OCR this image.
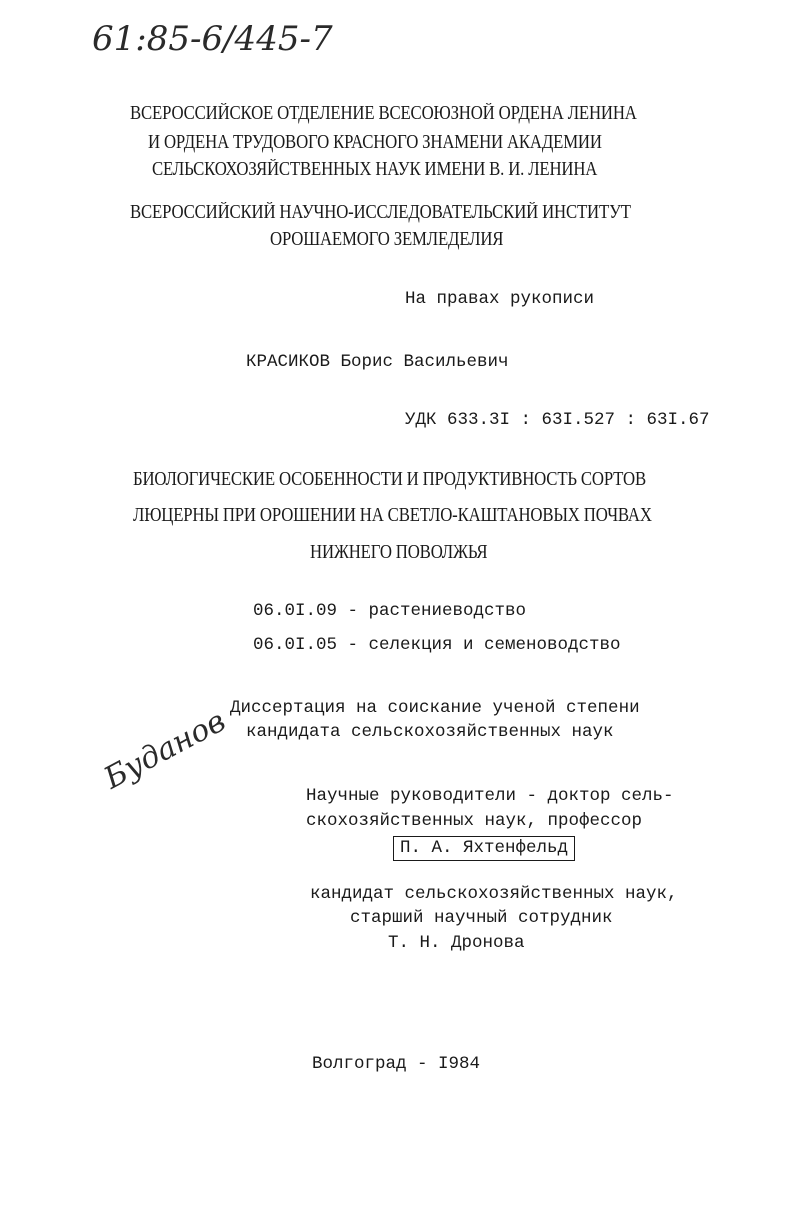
61:85-6/445-7
ВСЕРОССИЙСКОЕ ОТДЕЛЕНИЕ ВСЕСОЮЗНОЙ ОРДЕНА ЛЕНИНА
И ОРДЕНА ТРУДОВОГО КРАСНОГО ЗНАМЕНИ АКАДЕМИИ
СЕЛЬСКОХОЗЯЙСТВЕННЫХ НАУК ИМЕНИ В. И. ЛЕНИНА
ВСЕРОССИЙСКИЙ НАУЧНО-ИССЛЕДОВАТЕЛЬСКИЙ ИНСТИТУТ
ОРОШАЕМОГО ЗЕМЛЕДЕЛИЯ
На правах рукописи
КРАСИКОВ Борис Васильевич
УДК 633.3I : 63I.527 : 63I.67
БИОЛОГИЧЕСКИЕ ОСОБЕННОСТИ И ПРОДУКТИВНОСТЬ СОРТОВ
ЛЮЦЕРНЫ ПРИ ОРОШЕНИИ НА СВЕТЛО-КАШТАНОВЫХ ПОЧВАХ
НИЖНЕГО ПОВОЛЖЬЯ
06.0I.09 - растениеводство
06.0I.05 - селекция и семеноводство
Диссертация на соискание ученой степени
кандидата сельскохозяйственных наук
Буданов	Научные руководители - доктор сель-
скохозяйственных наук, профессор
П. А. Яхтенфельд
кандидат сельскохозяйственных наук,
старший научный сотрудник
Т. Н. Дронова
Волгоград - I984
